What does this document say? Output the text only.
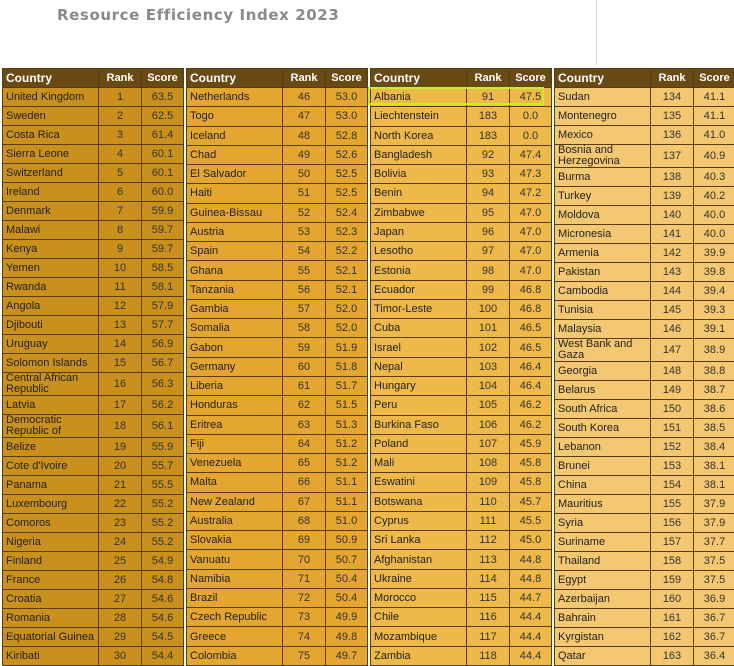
Resource Efficiency Index 2023
Country	Rank	Score
United Kingdom	1	63.5
Sweden	2	62.5
Costa Rica	3	61.4
Sierra Leone	4	60.1
Switzerland	5	60.1
Ireland	6	60.0
Denmark	7	59.9
Malawi	8	59.7
Kenya	9	59.7
Yemen	10	58.5
Rwanda	11	58.1
Angola	12	57.9
Djibouti	13	57.7
Uruguay	14	56.9
Solomon Islands	15	56.7
Central African Republic	16	56.3
Latvia	17	56.2
Democratic Republic of	18	56.1
Belize	19	55.9
Cote d'Ivoire	20	55.7
Panama	21	55.5
Luxembourg	22	55.2
Comoros	23	55.2
Nigeria	24	55.2
Finland	25	54.9
France	26	54.8
Croatia	27	54.6
Romania	28	54.6
Equatorial Guinea	29	54.5
Kiribati	30	54.4
Country	Rank	Score
Netherlands	46	53.0
Togo	47	53.0
Iceland	48	52.8
Chad	49	52.6
El Salvador	50	52.5
Haiti	51	52.5
Guinea-Bissau	52	52.4
Austria	53	52.3
Spain	54	52.2
Ghana	55	52.1
Tanzania	56	52.1
Gambia	57	52.0
Somalia	58	52.0
Gabon	59	51.9
Germany	60	51.8
Liberia	61	51.7
Honduras	62	51.5
Eritrea	63	51.3
Fiji	64	51.2
Venezuela	65	51.2
Malta	66	51.1
New Zealand	67	51.1
Australia	68	51.0
Slovakia	69	50.9
Vanuatu	70	50.7
Namibia	71	50.4
Brazil	72	50.4
Czech Republic	73	49.9
Greece	74	49.8
Colombia	75	49.7
Country	Rank	Score
Albania	91	47.5
Liechtenstein	183	0.0
North Korea	183	0.0
Bangladesh	92	47.4
Bolivia	93	47.3
Benin	94	47.2
Zimbabwe	95	47.0
Japan	96	47.0
Lesotho	97	47.0
Estonia	98	47.0
Ecuador	99	46.8
Timor-Leste	100	46.8
Cuba	101	46.5
Israel	102	46.5
Nepal	103	46.4
Hungary	104	46.4
Peru	105	46.2
Burkina Faso	106	46.2
Poland	107	45.9
Mali	108	45.8
Eswatini	109	45.8
Botswana	110	45.7
Cyprus	111	45.5
Sri Lanka	112	45.0
Afghanistan	113	44.8
Ukraine	114	44.8
Morocco	115	44.7
Chile	116	44.4
Mozambique	117	44.4
Zambia	118	44.4
Country	Rank	Score
Sudan	134	41.1
Montenegro	135	41.1
Mexico	136	41.0
Bosnia and Herzegovina	137	40.9
Burma	138	40.3
Turkey	139	40.2
Moldova	140	40.0
Micronesia	141	40.0
Armenia	142	39.9
Pakistan	143	39.8
Cambodia	144	39.4
Tunisia	145	39.3
Malaysia	146	39.1
West Bank and Gaza	147	38.9
Georgia	148	38.8
Belarus	149	38.7
South Africa	150	38.6
South Korea	151	38.5
Lebanon	152	38.4
Brunei	153	38.1
China	154	38.1
Mauritius	155	37.9
Syria	156	37.9
Suriname	157	37.7
Thailand	158	37.5
Egypt	159	37.5
Azerbaijan	160	36.9
Bahrain	161	36.7
Kyrgistan	162	36.7
Qatar	163	36.4
